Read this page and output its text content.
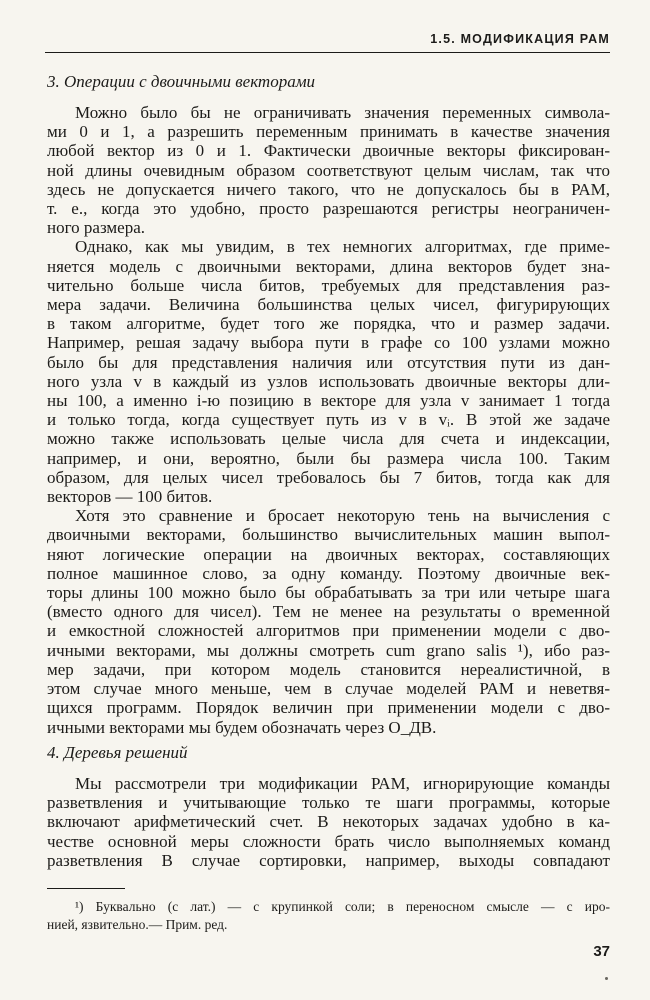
1.5. МОДИФИКАЦИЯ РАМ
3. Операции с двоичными векторами

Можно было бы не ограничивать значения переменных символа-
ми 0 и 1, а разрешить переменным принимать в качестве значения
любой вектор из 0 и 1. Фактически двоичные векторы фиксирован-
ной длины очевидным образом соответствуют целым числам, так что
здесь не допускается ничего такого, что не допускалось бы в РАМ,
т. е., когда это удобно, просто разрешаются регистры неограничен-
ного размера.

Однако, как мы увидим, в тех немногих алгоритмах, где приме-
няется модель с двоичными векторами, длина векторов будет зна-
чительно больше числа битов, требуемых для представления раз-
мера задачи. Величина большинства целых чисел, фигурирующих
в таком алгоритме, будет того же порядка, что и размер задачи.
Например, решая задачу выбора пути в графе со 100 узлами можно
было бы для представления наличия или отсутствия пути из дан-
ного узла v в каждый из узлов использовать двоичные векторы дли-
ны 100, а именно i-ю позицию в векторе для узла v занимает 1 тогда
и только тогда, когда существует путь из v в vᵢ. В этой же задаче
можно также использовать целые числа для счета и индексации,
например, и они, вероятно, были бы размера числа 100. Таким
образом, для целых чисел требовалось бы 7 битов, тогда как для
векторов — 100 битов.

Хотя это сравнение и бросает некоторую тень на вычисления с
двоичными векторами, большинство вычислительных машин выпол-
няют логические операции на двоичных векторах, составляющих
полное машинное слово, за одну команду. Поэтому двоичные век-
торы длины 100 можно было бы обрабатывать за три или четыре шага
(вместо одного для чисел). Тем не менее на результаты о временной
и емкостной сложностей алгоритмов при применении модели с дво-
ичными векторами, мы должны смотреть cum grano salis ¹), ибо раз-
мер задачи, при котором модель становится нереалистичной, в
этом случае много меньше, чем в случае моделей РАМ и неветвя-
щихся программ. Порядок величин при применении модели с дво-
ичными векторами мы будем обозначать через O_ДВ.

4. Деревья решений

Мы рассмотрели три модификации РАМ, игнорирующие команды
разветвления и учитывающие только те шаги программы, которые
включают арифметический счет. В некоторых задачах удобно в ка-
честве основной меры сложности брать число выполняемых команд
разветвления В случае сортировки, например, выходы совпадают

¹) Буквально (с лат.) — с крупинкой соли; в переносном смысле — с иро-
нией, язвительно.— Прим. ред.

37
